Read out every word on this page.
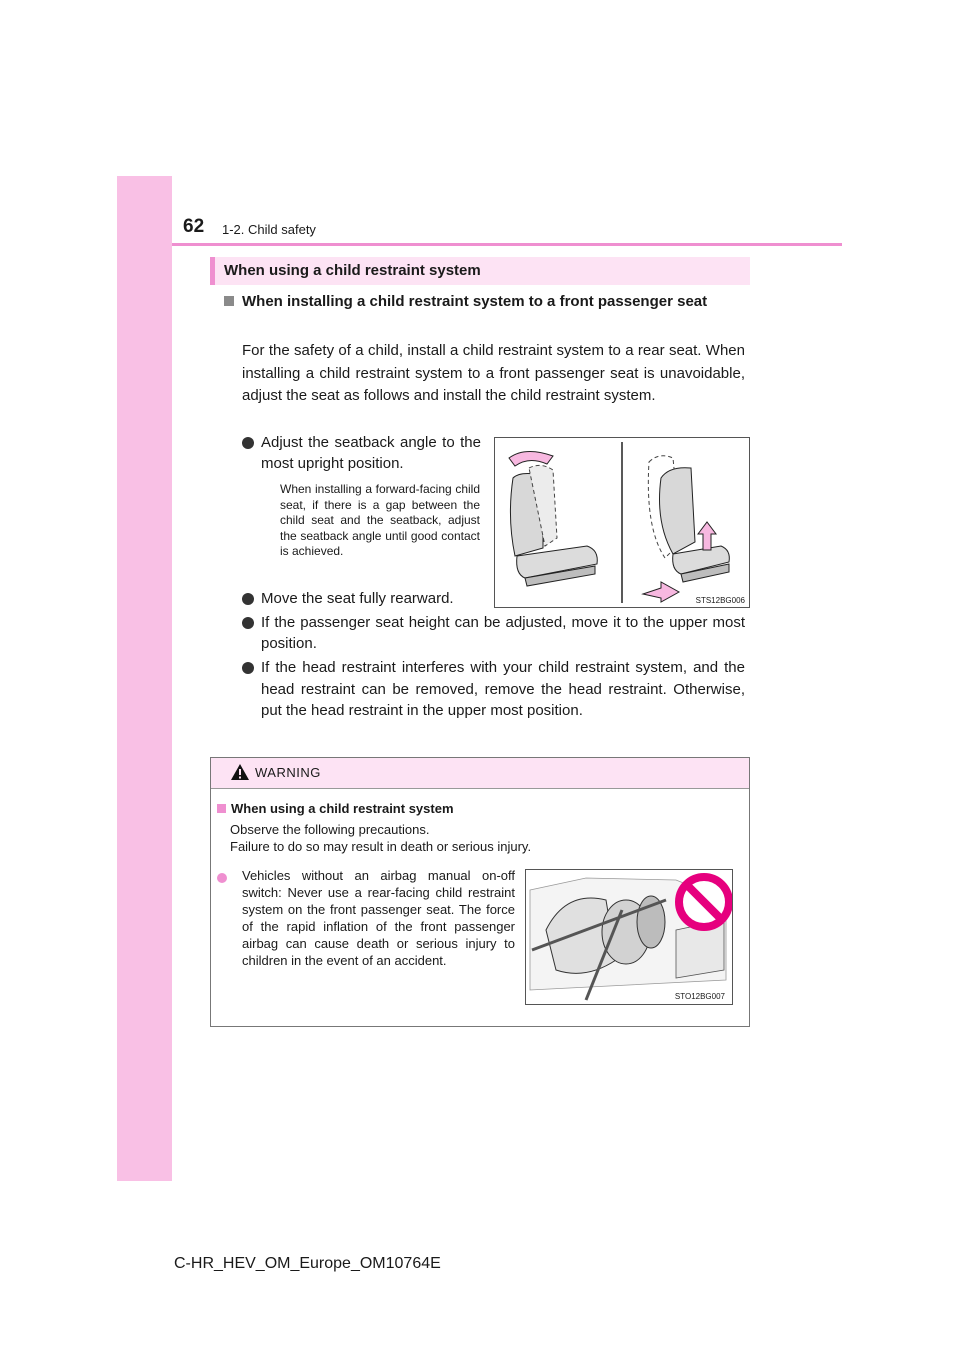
62 1-2. Child safety
When using a child restraint system
When installing a child restraint system to a front passenger seat
For the safety of a child, install a child restraint system to a rear seat. When installing a child restraint system to a front passenger seat is unavoidable, adjust the seat as follows and install the child restraint system.
Adjust the seatback angle to the most upright position.
When installing a forward-facing child seat, if there is a gap between the child seat and the seatback, adjust the seatback angle until good contact is achieved.
Move the seat fully rearward.
If the passenger seat height can be adjusted, move it to the upper most position.
If the head restraint interferes with your child restraint system, and the head restraint can be removed, remove the head restraint. Otherwise, put the head restraint in the upper most position.
STS12BG006
WARNING
When using a child restraint system
Observe the following precautions.
Failure to do so may result in death or serious injury.
Vehicles without an airbag manual on-off switch: Never use a rear-facing child restraint system on the front passenger seat. The force of the rapid inflation of the front passenger airbag can cause death or serious injury to children in the event of an accident.
STO12BG007
C-HR_HEV_OM_Europe_OM10764E
